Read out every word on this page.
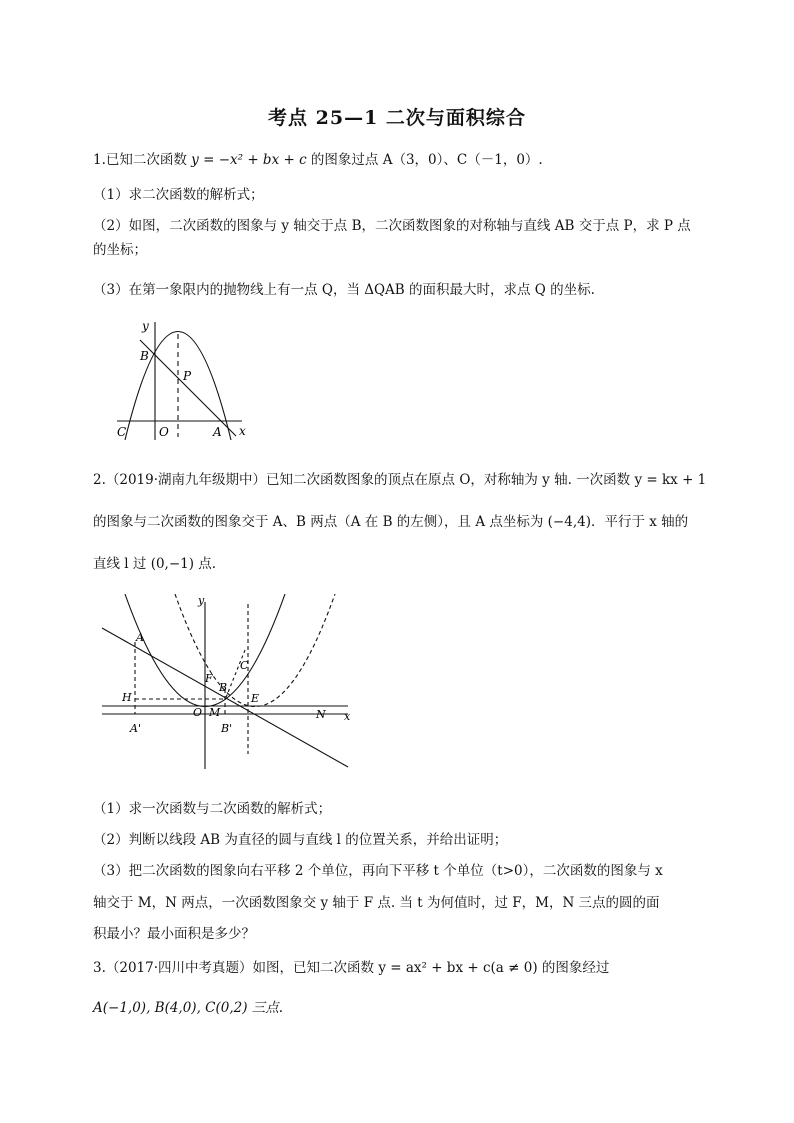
考点 25—1 二次与面积综合
1.已知二次函数 y = −x² + bx + c 的图象过点 A（3，0）、C（－1，0）.
（1）求二次函数的解析式；
（2）如图，二次函数的图象与 y 轴交于点 B，二次函数图象的对称轴与直线 AB 交于点 P，求 P 点
的坐标；
（3）在第一象限内的抛物线上有一点 Q，当 ΔQAB 的面积最大时，求点 Q 的坐标.
y
x
B
P
C	O	A
2.（2019·湖南九年级期中）已知二次函数图象的顶点在原点 O，对称轴为 y 轴. 一次函数 y = kx + 1
的图象与二次函数的图象交于 A、B 两点（A 在 B 的左侧），且 A 点坐标为 (−4,4)．平行于 x 轴的
直线 l 过 (0,−1) 点.
y
x
A
F
B
C
H
O M
E
N
A'	B'
（1）求一次函数与二次函数的解析式；
（2）判断以线段 AB 为直径的圆与直线 l 的位置关系，并给出证明；
（3）把二次函数的图象向右平移 2 个单位，再向下平移 t 个单位（t>0），二次函数的图象与 x
轴交于 M，N 两点，一次函数图象交 y 轴于 F 点. 当 t 为何值时，过 F，M，N 三点的圆的面
积最小？最小面积是多少？
3.（2017·四川中考真题）如图，已知二次函数 y = ax² + bx + c(a ≠ 0) 的图象经过
A(−1,0), B(4,0), C(0,2) 三点.
